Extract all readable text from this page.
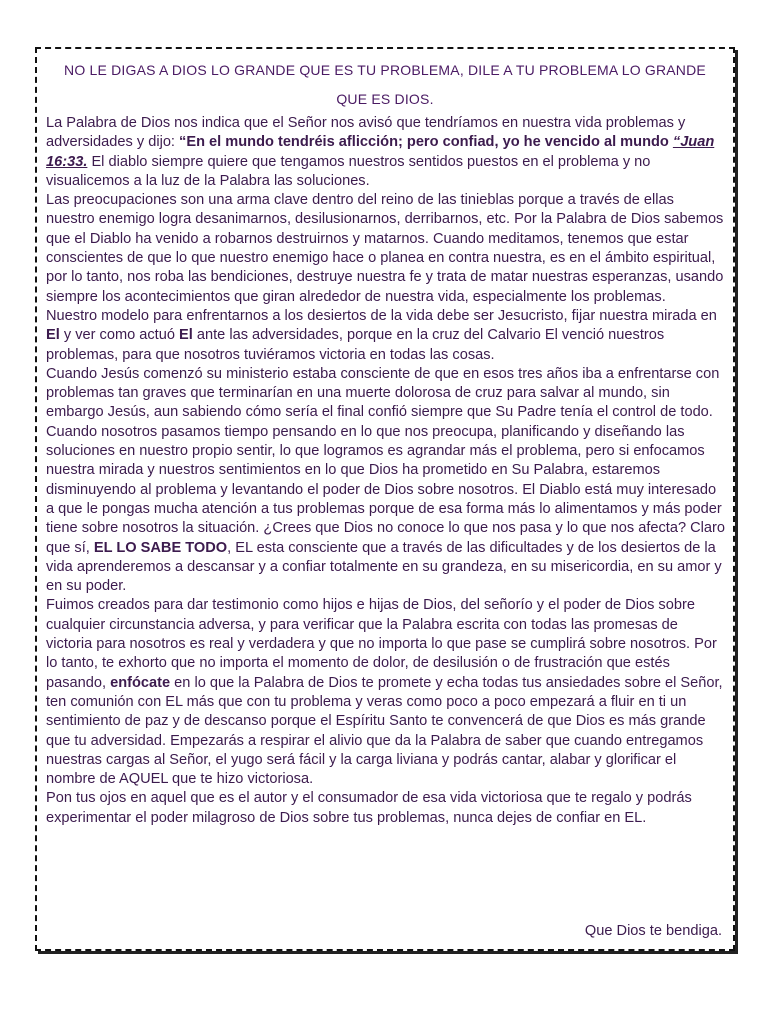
NO LE DIGAS A DIOS LO GRANDE QUE ES TU PROBLEMA, DILE A TU PROBLEMA LO GRANDE
QUE ES DIOS.

La Palabra de Dios nos indica que el Señor nos avisó que tendríamos en nuestra vida problemas y adversidades y dijo: “En el mundo tendréis aflicción; pero confiad, yo he vencido al mundo “Juan 16:33. El diablo siempre quiere que tengamos nuestros sentidos puestos en el problema y no visualicemos a la luz de la Palabra las soluciones.

Las preocupaciones son una arma clave dentro del reino de las tinieblas porque a través de ellas nuestro enemigo logra desanimarnos, desilusionarnos, derribarnos, etc. Por la Palabra de Dios sabemos que el Diablo ha venido a robarnos destruirnos y matarnos. Cuando meditamos, tenemos que estar conscientes de que lo que nuestro enemigo hace o planea en contra nuestra, es en el ámbito espiritual, por lo tanto, nos roba las bendiciones, destruye nuestra fe y trata de matar nuestras esperanzas, usando siempre los acontecimientos que giran alrededor de nuestra vida, especialmente los problemas.

Nuestro modelo para enfrentarnos a los desiertos de la vida debe ser Jesucristo, fijar nuestra mirada en El y ver como actuó El ante las adversidades, porque en la cruz del Calvario El venció nuestros problemas, para que nosotros tuviéramos victoria en todas las cosas.

Cuando Jesús comenzó su ministerio estaba consciente de que en esos tres años iba a enfrentarse con problemas tan graves que terminarían en una muerte dolorosa de cruz para salvar al mundo, sin embargo Jesús, aun sabiendo cómo sería el final confió siempre que Su Padre tenía el control de todo.

Cuando nosotros pasamos tiempo pensando en lo que nos preocupa, planificando y diseñando las soluciones en nuestro propio sentir, lo que logramos es agrandar más el problema, pero si enfocamos nuestra mirada y nuestros sentimientos en lo que Dios ha prometido en Su Palabra, estaremos disminuyendo al problema y levantando el poder de Dios sobre nosotros. El Diablo está muy interesado a que le pongas mucha atención a tus problemas porque de esa forma más lo alimentamos y más poder tiene sobre nosotros la situación. ¿Crees que Dios no conoce lo que nos pasa y lo que nos afecta? Claro que sí, EL LO SABE TODO, EL esta consciente que a través de las dificultades y de los desiertos de la vida aprenderemos a descansar y a confiar totalmente en su grandeza, en su misericordia, en su amor y en su poder.

Fuimos creados para dar testimonio como hijos e hijas de Dios, del señorío y el poder de Dios sobre cualquier circunstancia adversa, y para verificar que la Palabra escrita con todas las promesas de victoria para nosotros es real y verdadera y que no importa lo que pase se cumplirá sobre nosotros. Por lo tanto, te exhorto que no importa el momento de dolor, de desilusión o de frustración que estés pasando, enfócate en lo que la Palabra de Dios te promete y echa todas tus ansiedades sobre el Señor, ten comunión con EL más que con tu problema y veras como poco a poco empezará a fluir en ti un sentimiento de paz y de descanso porque el Espíritu Santo te convencerá de que Dios es más grande que tu adversidad. Empezarás a respirar el alivio que da la Palabra de saber que cuando entregamos nuestras cargas al Señor, el yugo será fácil y la carga liviana y podrás cantar, alabar y glorificar el nombre de AQUEL que te hizo victoriosa.

Pon tus ojos en aquel que es el autor y el consumador de esa vida victoriosa que te regalo y podrás experimentar el poder milagroso de Dios sobre tus problemas, nunca dejes de confiar en EL.

Que Dios te bendiga.
